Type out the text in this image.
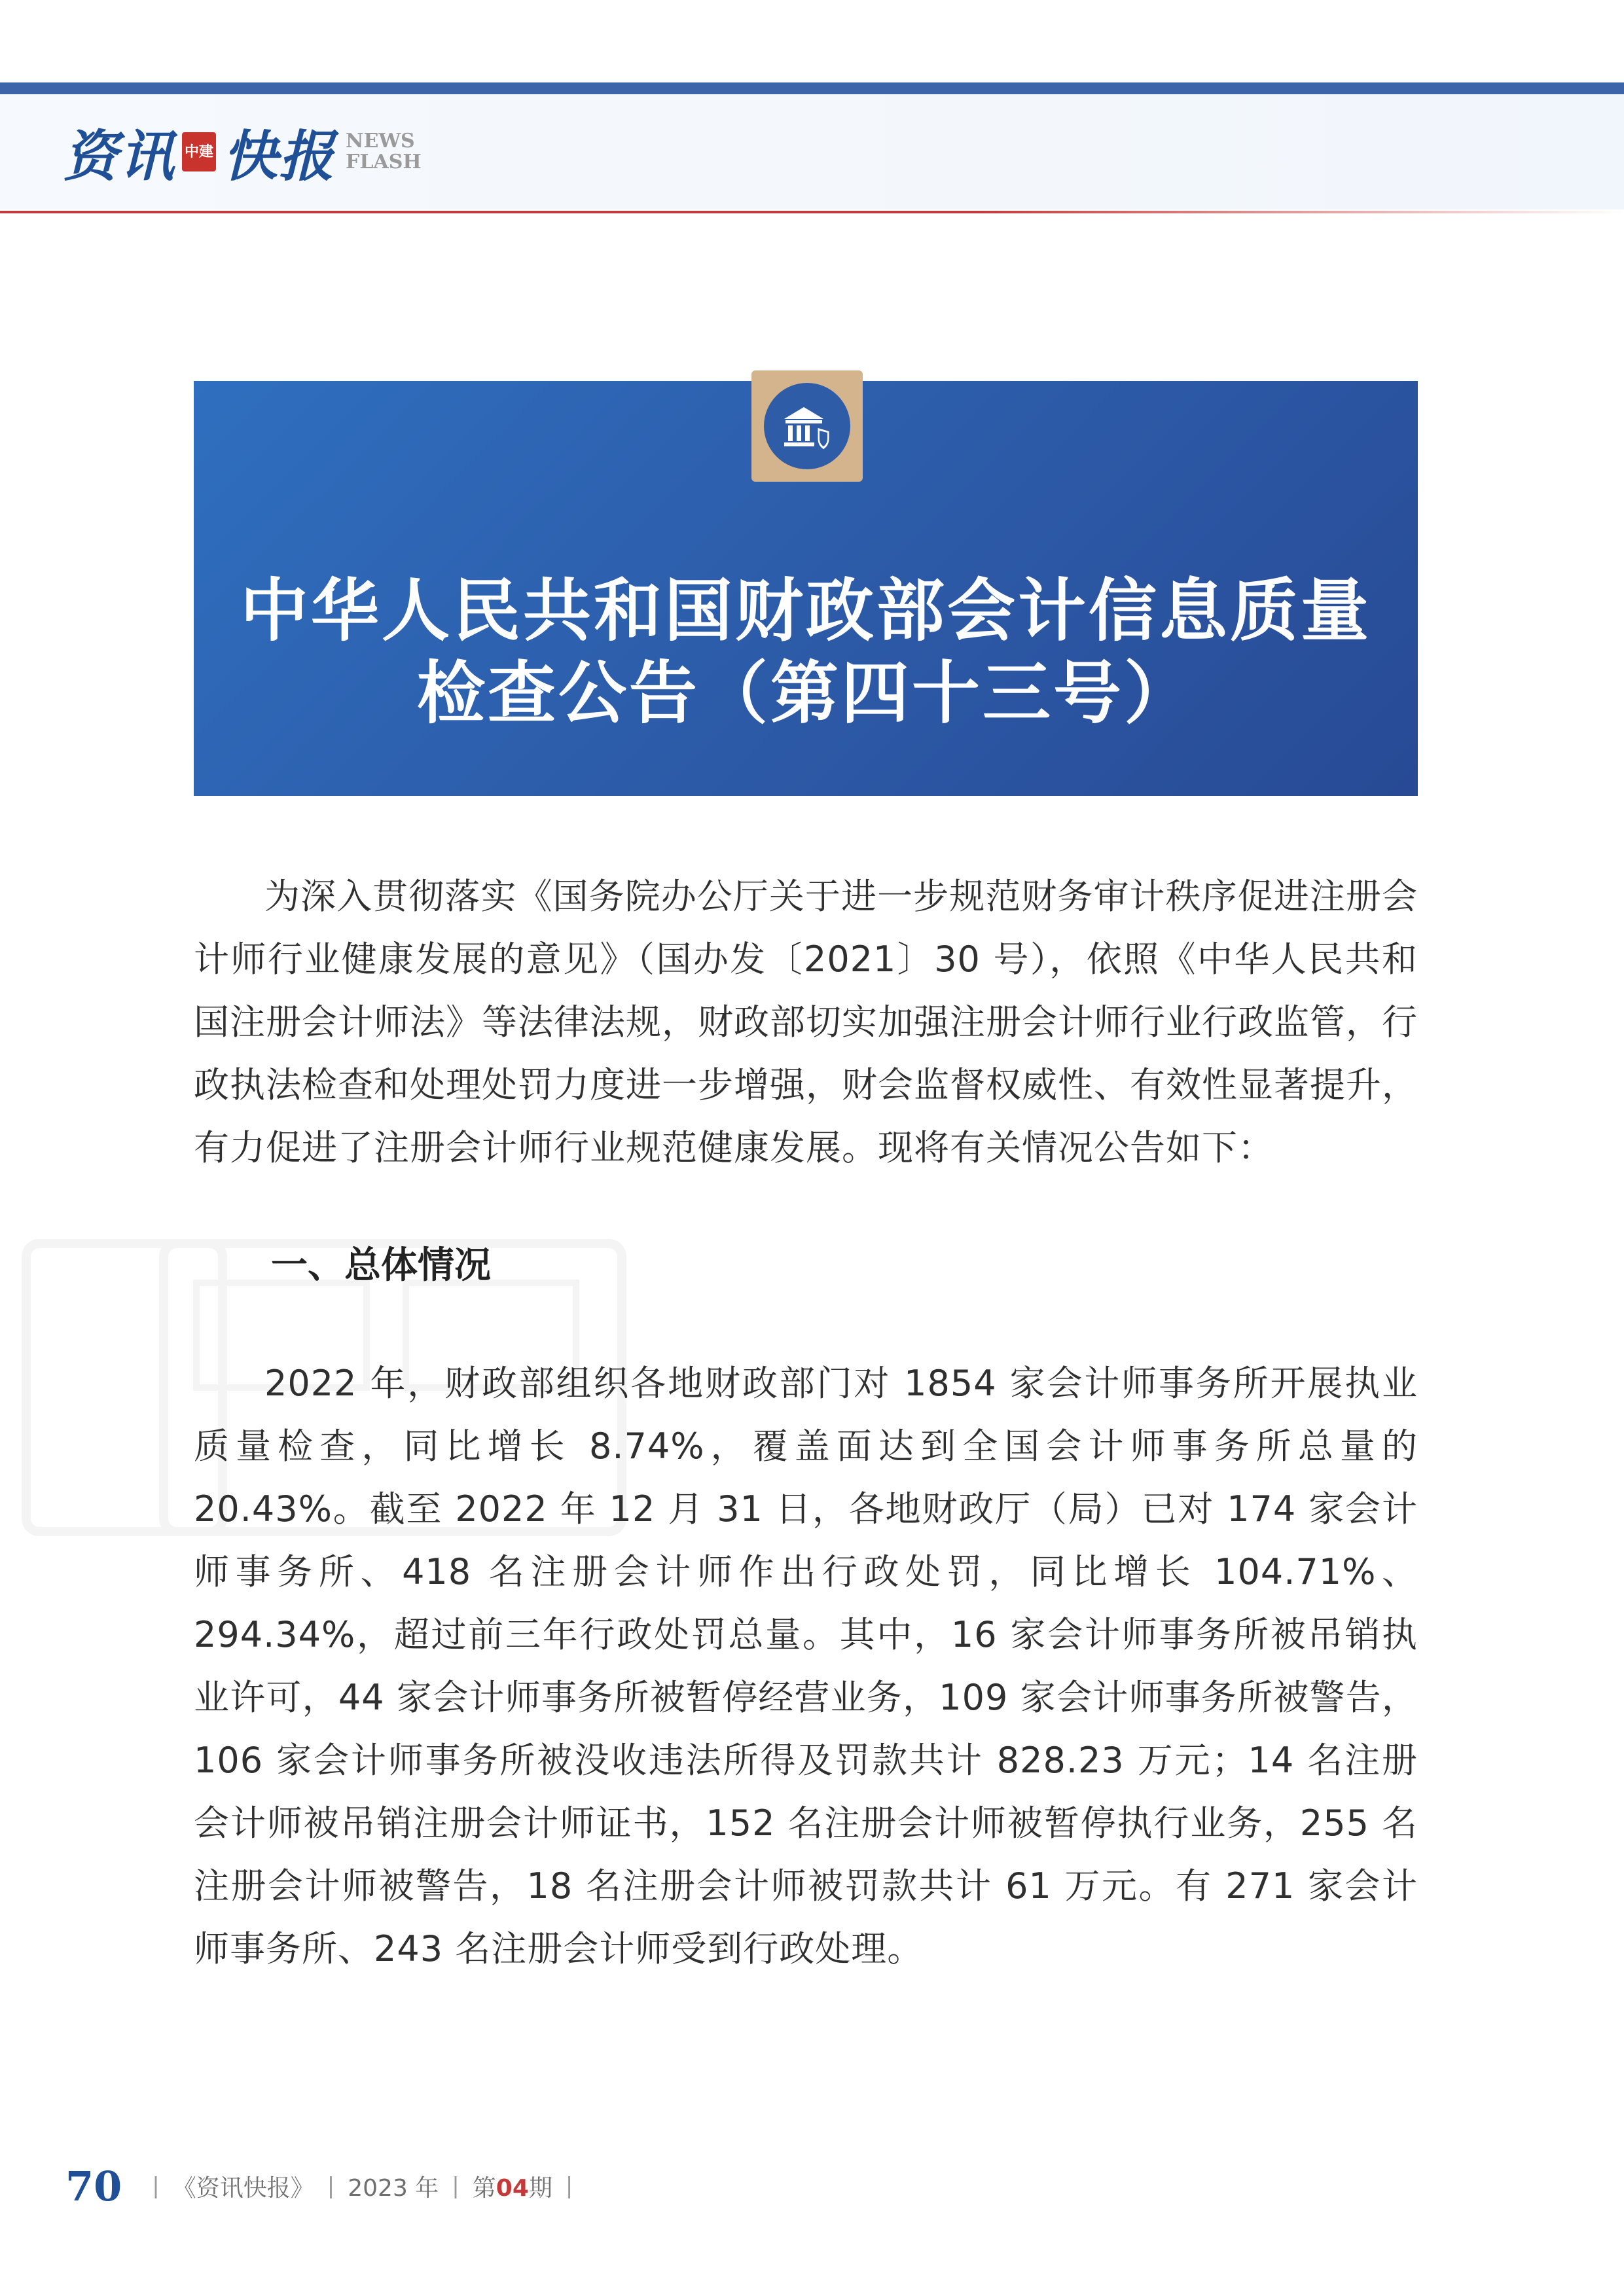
资讯 中建 快报 NEWS
FLASH
中华人民共和国财政部会计信息质量
检查公告（第四十三号）

为深入贯彻落实《国务院办公厅关于进一步规范财务审计秩序促进注册会计师行业健康发展的意见》（国办发〔2021〕30 号），依照《中华人民共和国注册会计师法》等法律法规，财政部切实加强注册会计师行业行政监管，行政执法检查和处理处罚力度进一步增强，财会监督权威性、有效性显著提升，有力促进了注册会计师行业规范健康发展。现将有关情况公告如下：

一、总体情况

2022 年，财政部组织各地财政部门对 1854 家会计师事务所开展执业质量检查，同比增长 8.74%，覆盖面达到全国会计师事务所总量的 20.43%。截至 2022 年 12 月 31 日，各地财政厅（局）已对 174 家会计师事务所、418 名注册会计师作出行政处罚，同比增长 104.71%、294.34%，超过前三年行政处罚总量。其中，16 家会计师事务所被吊销执业许可，44 家会计师事务所被暂停经营业务，109 家会计师事务所被警告，106 家会计师事务所被没收违法所得及罚款共计 828.23 万元；14 名注册会计师被吊销注册会计师证书，152 名注册会计师被暂停执行业务，255 名注册会计师被警告，18 名注册会计师被罚款共计 61 万元。有 271 家会计师事务所、243 名注册会计师受到行政处理。

70 | 《资讯快报》 | 2023 年 | 第04期 |
